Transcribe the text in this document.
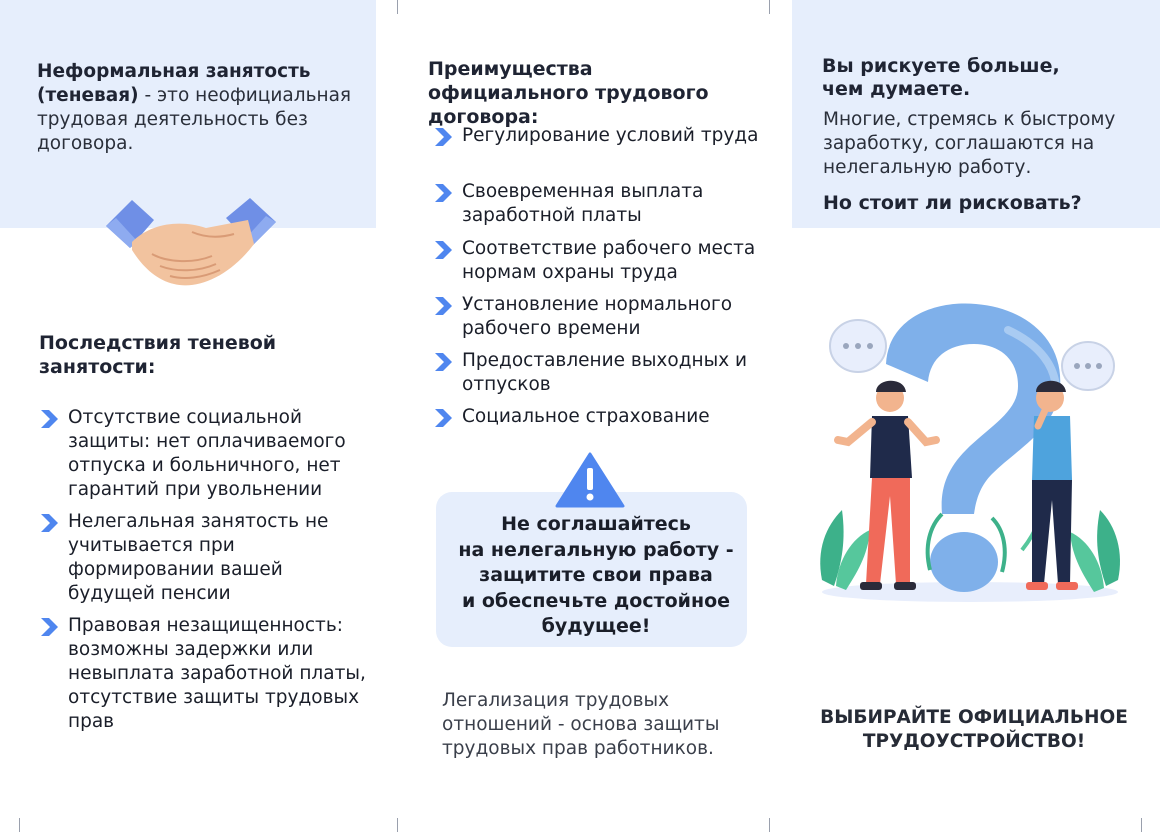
Неформальная занятость (теневая) - это неофициальная трудовая деятельность без договора.
Последствия теневой занятости:
Отсутствие социальной защиты: нет оплачиваемого отпуска и больничного, нет гарантий при увольнении
Нелегальная занятость не учитывается при формировании вашей будущей пенсии
Правовая незащищенность: возможны задержки или невыплата заработной платы, отсутствие защиты трудовых прав
Преимущества официального трудового договора:
Регулирование условий труда
Своевременная выплата заработной платы
Соответствие рабочего места нормам охраны труда
Установление нормального рабочего времени
Предоставление выходных и отпусков
Социальное страхование
Не соглашайтесь
на нелегальную работу -
защитите свои права
и обеспечьте достойное
будущее!
Легализация трудовых отношений - основа защиты трудовых прав работников.
Вы рискуете больше, чем думаете.
Многие, стремясь к быстрому заработку, соглашаются на нелегальную работу.
Но стоит ли рисковать?
ВЫБИРАЙТЕ ОФИЦИАЛЬНОЕ ТРУДОУСТРОЙСТВО!
